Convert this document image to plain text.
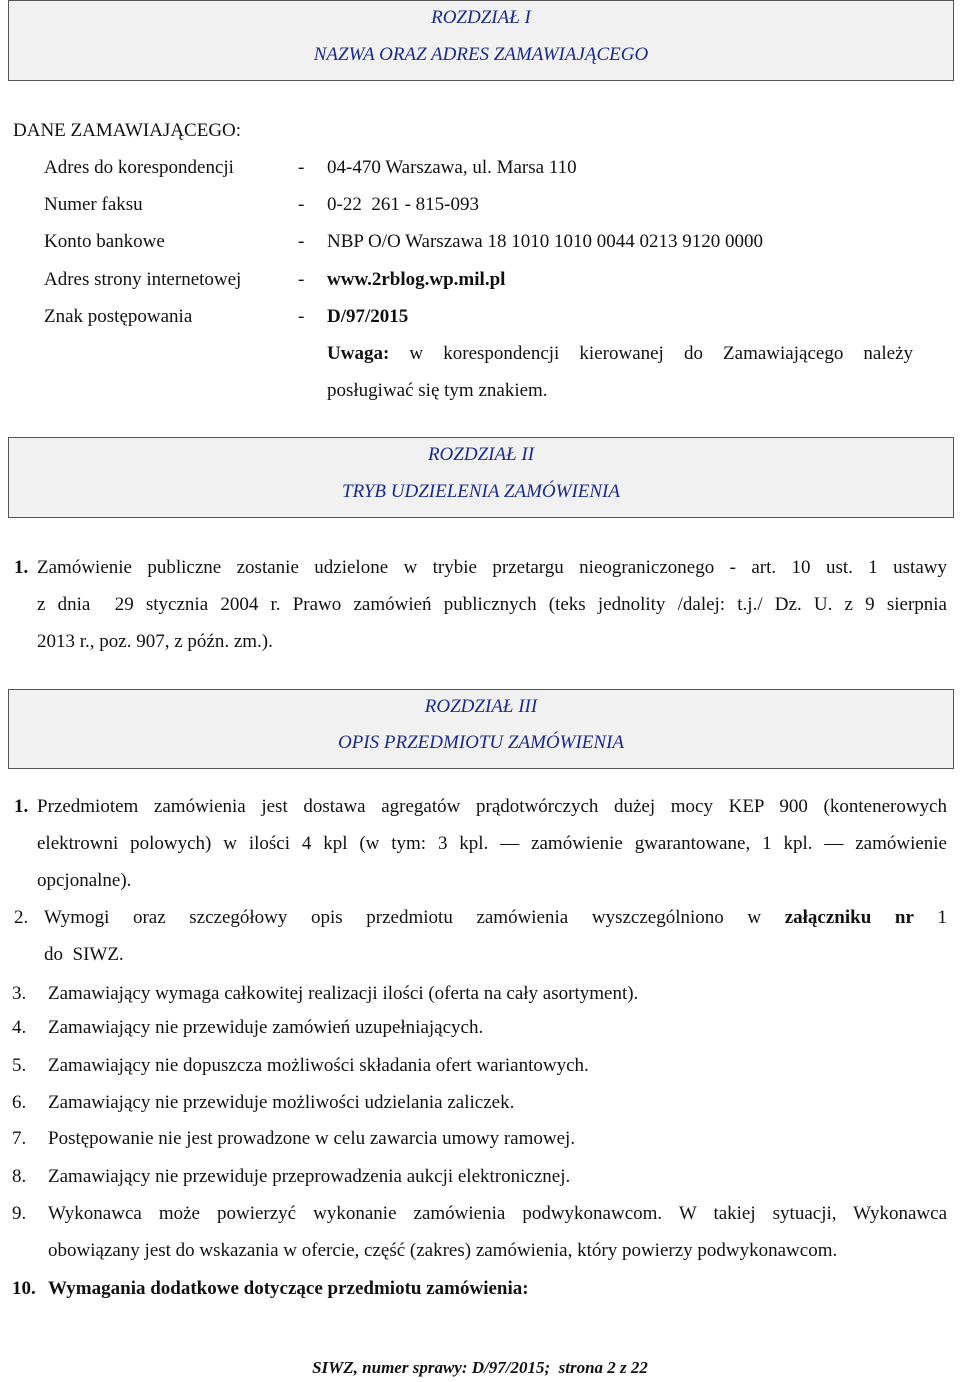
ROZDZIAŁ I
NAZWA ORAZ ADRES ZAMAWIAJĄCEGO
DANE ZAMAWIAJĄCEGO:
Adres do korespondencji	- 04-470 Warszawa, ul. Marsa 110
Numer faksu	- 0-22  261 - 815-093
Konto bankowe	- NBP O/O Warszawa 18 1010 1010 0044 0213 9120 0000
Adres strony internetowej	- www.2rblog.wp.mil.pl
Znak postępowania	- D/97/2015
Uwaga: w korespondencji kierowanej do Zamawiającego należy
posługiwać się tym znakiem.
ROZDZIAŁ II
TRYB UDZIELENIA ZAMÓWIENIA
1. Zamówienie publiczne zostanie udzielone w trybie przetargu nieograniczonego - art. 10 ust. 1 ustawy
z dnia  29 stycznia 2004 r. Prawo zamówień publicznych (teks jednolity /dalej: t.j./ Dz. U. z 9 sierpnia
2013 r., poz. 907, z późn. zm.).
ROZDZIAŁ III
OPIS PRZEDMIOTU ZAMÓWIENIA
1. Przedmiotem zamówienia jest dostawa agregatów prądotwórczych dużej mocy KEP 900 (kontenerowych
elektrowni polowych) w ilości 4 kpl (w tym: 3 kpl. — zamówienie gwarantowane, 1 kpl. — zamówienie
opcjonalne).
2. Wymogi oraz szczegółowy opis przedmiotu zamówienia wyszczególniono w załączniku nr 1
do  SIWZ.
3. Zamawiający wymaga całkowitej realizacji ilości (oferta na cały asortyment).
4. Zamawiający nie przewiduje zamówień uzupełniających.
5. Zamawiający nie dopuszcza możliwości składania ofert wariantowych.
6. Zamawiający nie przewiduje możliwości udzielania zaliczek.
7. Postępowanie nie jest prowadzone w celu zawarcia umowy ramowej.
8. Zamawiający nie przewiduje przeprowadzenia aukcji elektronicznej.
9. Wykonawca może powierzyć wykonanie zamówienia podwykonawcom. W takiej sytuacji, Wykonawca
obowiązany jest do wskazania w ofercie, część (zakres) zamówienia, który powierzy podwykonawcom.
10. Wymagania dodatkowe dotyczące przedmiotu zamówienia:
SIWZ, numer sprawy: D/97/2015;  strona 2 z 22
